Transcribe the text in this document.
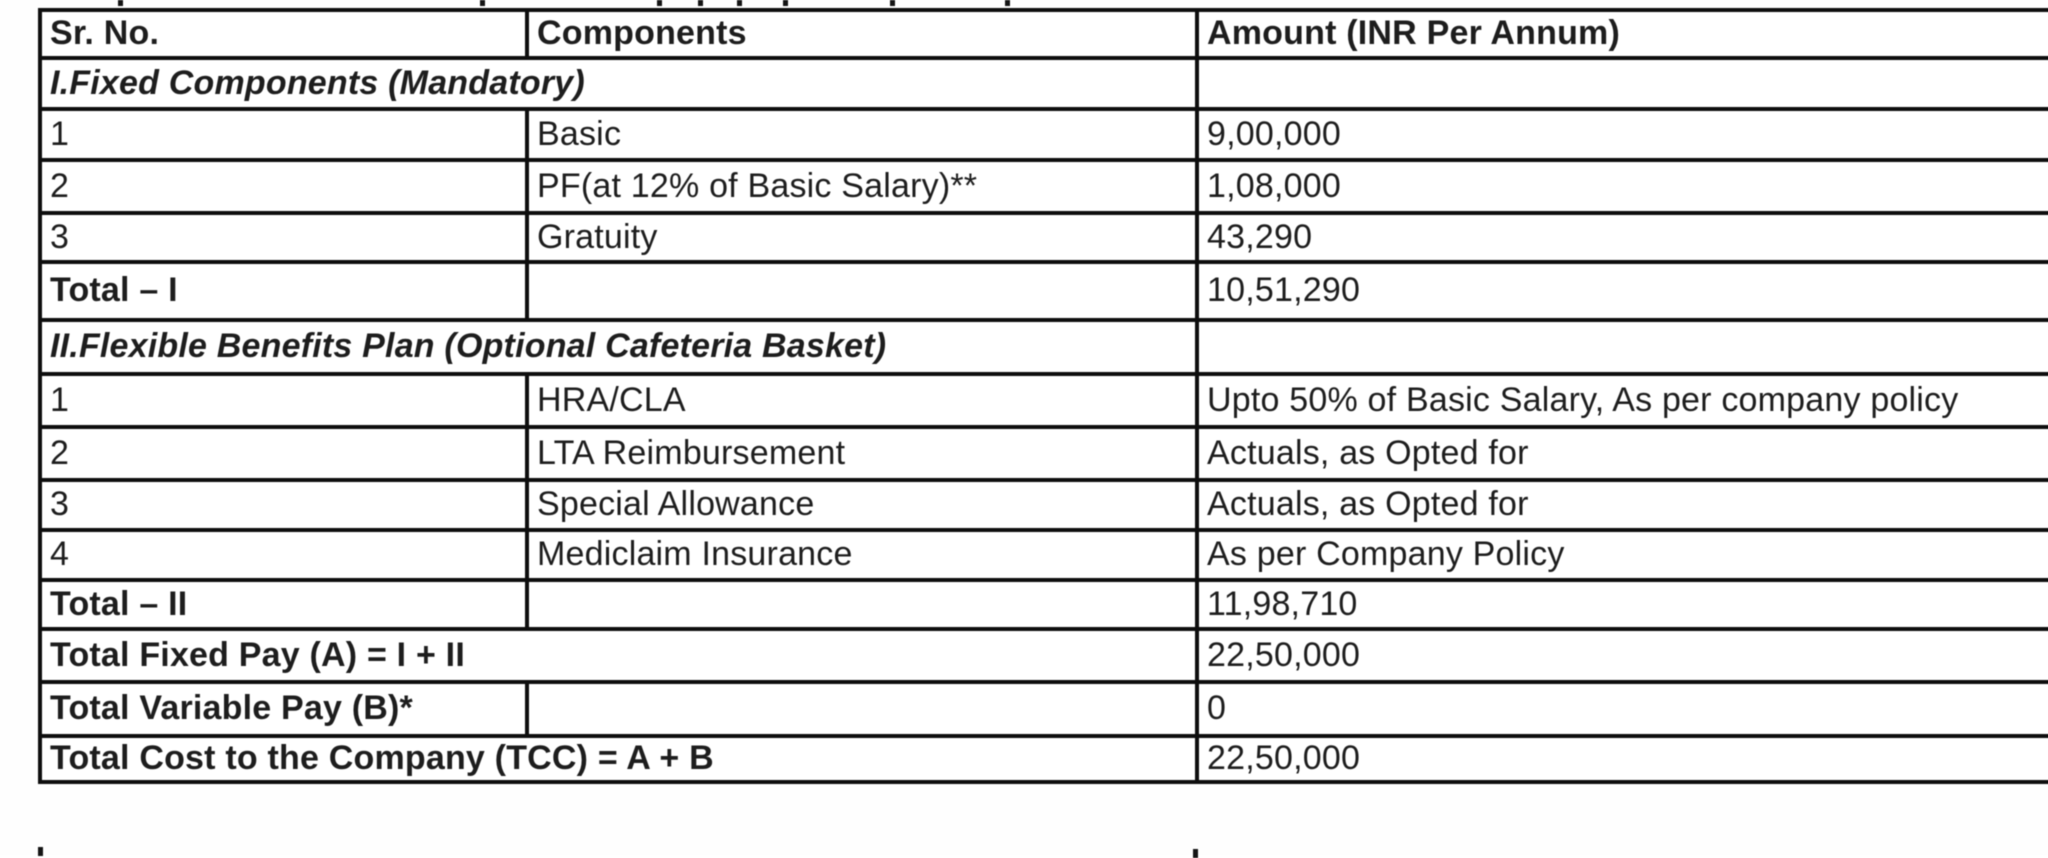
Sr. No.	Components	Amount (INR Per Annum)
I.Fixed Components (Mandatory)		
1	Basic	9,00,000
2	PF(at 12% of Basic Salary)**	1,08,000
3	Gratuity	43,290
Total – I		10,51,290
II.Flexible Benefits Plan (Optional Cafeteria Basket)		
1	HRA/CLA	Upto 50% of Basic Salary, As per company policy
2	LTA Reimbursement	Actuals, as Opted for
3	Special Allowance	Actuals, as Opted for
4	Mediclaim Insurance	As per Company Policy
Total – II		11,98,710
Total Fixed Pay (A) = I + II		22,50,000
Total Variable Pay (B)*		0
Total Cost to the Company (TCC) = A + B		22,50,000
